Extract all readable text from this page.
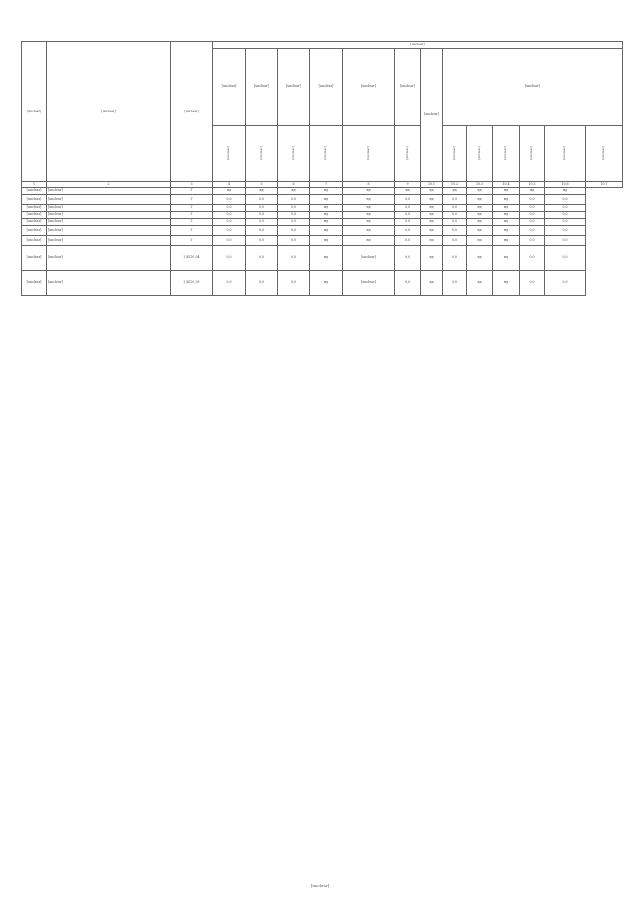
[unclear]	[unclear]	[unclear]	[unclear]												
			[unclear]	[unclear]	[unclear]	[unclear]	[unclear]	[unclear]	[unclear]	[unclear]					
			[unclear]	[unclear]	[unclear]	[unclear]	[unclear]	[unclear]		[unclear]	[unclear]	[unclear]	[unclear]	[unclear]	[unclear]
1	2	3	4	5	6	7	8	9	10.1	10.2	10.3	10.4	10.5	10.6	10.7
[unclear]	[unclear]	Г	нд	нд	нд	нд	нд	нд	нд	нд	нд	нд	нд	нд	
[unclear]	[unclear]	Г	0,0	0,0	0,0	нд	нд	0,0	нд	0,0	нд	нд	0,0	0,0	
[unclear]	[unclear]	Г	0,0	0,0	0,0	нд	нд	0,0	нд	0,0	нд	нд	0,0	0,0	
[unclear]	[unclear]	Г	0,0	0,0	0,0	нд	нд	0,0	нд	0,0	нд	нд	0,0	0,0	
[unclear]	[unclear]	Г	0,0	0,0	0,0	нд	нд	0,0	нд	0,0	нд	нд	0,0	0,0	
[unclear]	[unclear]	Г	0,0	0,0	0,0	нд	нд	0,0	нд	0,0	нд	нд	0,0	0,0	
[unclear]	[unclear]	Г	0,0	0,0	0,0	нд	нд	0,0	нд	0,0	нд	нд	0,0	0,0	
[unclear]	[unclear]	I_KCN_04	0,0	0,0	0,0	нд	[unclear]	0,0	нд	0,0	нд	нд	0,0	0,0	
[unclear]	[unclear]	I_KCN_05	0,0	0,0	0,0	нд	[unclear]	0,0	нд	0,0	нд	нд	0,0	0,0	
[unclear]
